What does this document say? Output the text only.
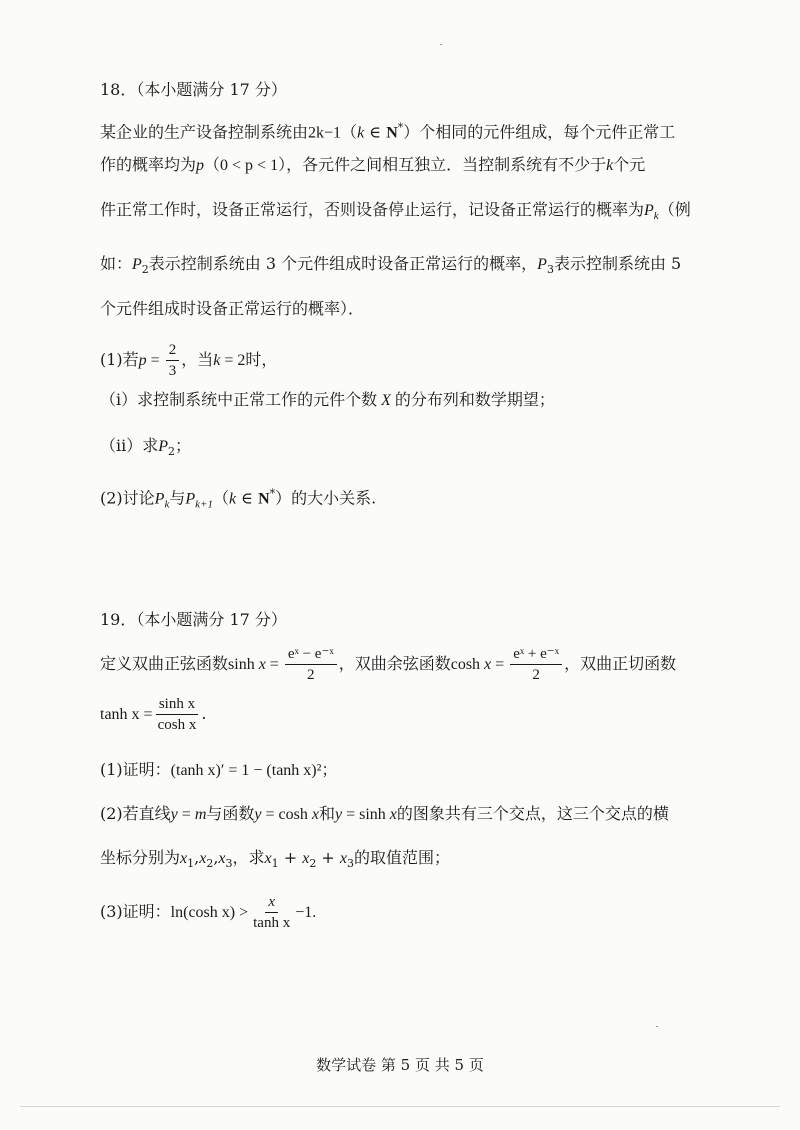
18．（本小题满分 17 分）
某企业的生产设备控制系统由2k−1（k ∈ N*）个相同的元件组成，每个元件正常工
作的概率均为p（0 < p < 1），各元件之间相互独立．当控制系统有不少于k个元
件正常工作时，设备正常运行，否则设备停止运行，记设备正常运行的概率为$P_k$（例
如：$P_2$表示控制系统由 3 个元件组成时设备正常运行的概率，$P_3$表示控制系统由 5
个元件组成时设备正常运行的概率）．
(1)若$p = \frac{2}{3}$ ，当k = 2时，
（i）求控制系统中正常工作的元件个数 X 的分布列和数学期望；
（ii）求$P_2$；
(2)讨论$P_k$与$P_{k+1}(k$ ∈ N*）的大小关系.
19．（本小题满分 17 分）
定义双曲正弦函数$\sinh x = \frac{\text{eˣ − e⁻ˣ}}{2}$ ，双曲余弦函数$\cosh x = \frac{\text{eˣ + e⁻ˣ}}{2}$ ，双曲正切函数
$\tanh x = \frac{\text{sinh x}}{\text{cosh x}}$ .
(1)证明：(tanh x)′ = 1 − (tanh x)²；
(2)若直线y = m与函数y = cosh x和y = sinh x的图象共有三个交点，这三个交点的横
坐标分别为$x_1,x_2,x_3$，求$x_1 + x_2 + x_3$的取值范围；
(3)证明：ln(cosh $x) > \frac{x}{\text{tanh x}} -1$.
数学试卷 第 5 页 共 5 页
